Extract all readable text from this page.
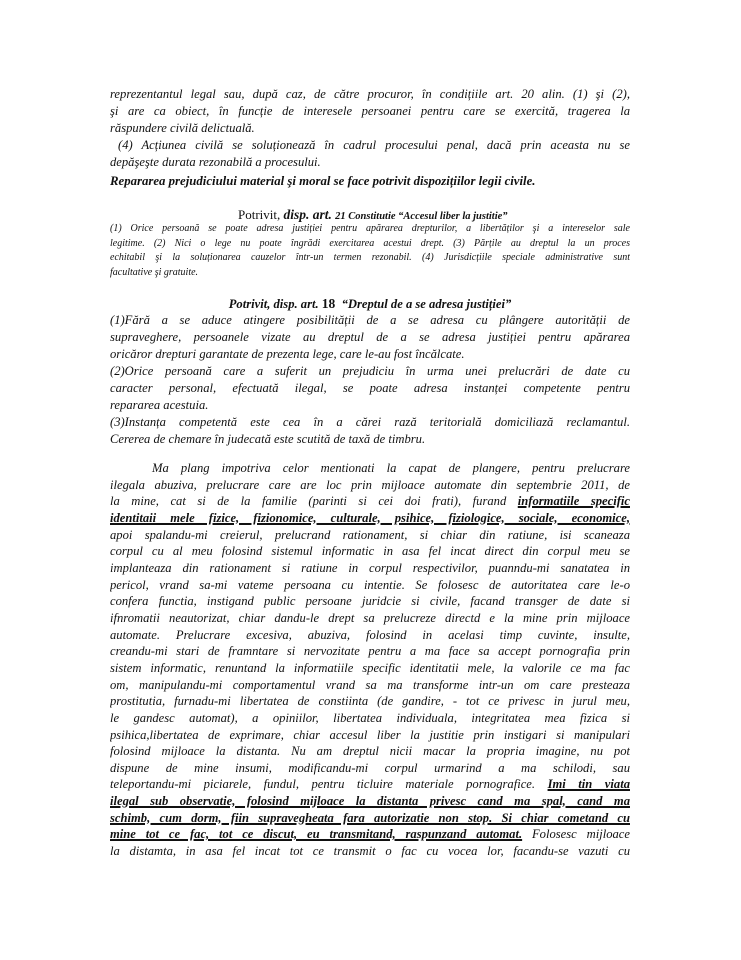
reprezentantul legal sau, după caz, de către procuror, în condițiile art. 20 alin. (1) şi (2),
şi are ca obiect, în funcție de interesele persoanei pentru care se exercită, tragerea la
răspundere civilă delictuală.
(4) Acțiunea civilă se soluționează în cadrul procesului penal, dacă prin aceasta nu se
depăşeşte durata rezonabilă a procesului.
Repararea prejudiciului material şi moral se face potrivit dispozițiilor legii civile.
Potrivit, disp. art. 21 Constitutie “Accesul liber la justitie”
(1) Orice persoană se poate adresa justiției pentru apărarea drepturilor, a libertăților şi a intereselor sale
legitime. (2) Nici o lege nu poate îngrădi exercitarea acestui drept. (3) Părțile au dreptul la un proces
echitabil şi la soluționarea cauzelor într-un termen rezonabil. (4) Jurisdicțiile speciale administrative sunt
facultative şi gratuite.
Potrivit, disp. art. 18 “Dreptul de a se adresa justiției”
(1)Fără a se aduce atingere posibilității de a se adresa cu plângere autorității de
supraveghere, persoanele vizate au dreptul de a se adresa justiției pentru apărarea
oricăror drepturi garantate de prezenta lege, care le-au fost încălcate.
(2)Orice persoană care a suferit un prejudiciu în urma unei prelucrări de date cu
caracter personal, efectuată ilegal, se poate adresa instanței competente pentru
repararea acestuia.
(3)Instanța competentă este cea în a cărei rază teritorială domiciliază reclamantul.
Cererea de chemare în judecată este scutită de taxă de timbru.
Ma plang impotriva celor mentionati la capat de plangere, pentru prelucrare
ilegala abuziva, prelucrare care are loc prin mijloace automate din septembrie 2011, de
la mine, cat si de la familie (parinti si cei doi frati), furand informatiile specific
identitaii mele fizice, fizionomice, culturale, psihice, fiziologice, sociale, economice,
apoi spalandu-mi creierul, prelucrand rationament, si chiar din ratiune, isi scaneaza
corpul cu al meu folosind sistemul informatic in asa fel incat direct din corpul meu se
implanteaza din rationament si ratiune in corpul respectivilor, puanndu-mi sanatatea in
pericol, vrand sa-mi vateme persoana cu intentie. Se folosesc de autoritatea care le-o
confera functia, instigand public persoane juridcie si civile, facand transger de date si
ifnromatii neautorizat, chiar dandu-le drept sa prelucreze directd e la mine prin mijloace
automate. Prelucrare excesiva, abuziva, folosind in acelasi timp cuvinte, insulte,
creandu-mi stari de framntare si nervozitate pentru a ma face sa accept pornografia prin
sistem informatic, renuntand la informatiile specific identitatii mele, la valorile ce ma fac
om, manipulandu-mi comportamentul vrand sa ma transforme intr-un om care presteaza
prostitutia, furnadu-mi libertatea de constiinta (de gandire, - tot ce privesc in jurul meu,
le gandesc automat), a opiniilor, libertatea individuala, integritatea mea fizica si
psihica,libertatea de exprimare, chiar accesul liber la justitie prin instigari si manipulari
folosind mijloace la distanta. Nu am dreptul nicii macar la propria imagine, nu pot
dispune de mine insumi, modificandu-mi corpul urmarind a ma schilodi, sau
teleportandu-mi piciarele, fundul, pentru ticluire materiale pornografice. Imi tin viata
ilegal sub observatie, folosind mijloace la distanta privesc cand ma spal, cand ma
schimb, cum dorm, fiin supravegheata fara autorizatie non stop. Si chiar cometand cu
mine tot ce fac, tot ce discut, eu transmitand, raspunzand automat. Folosesc mijloace
la distamta, in asa fel incat tot ce transmit o fac cu vocea lor, facandu-se vazuti cu
